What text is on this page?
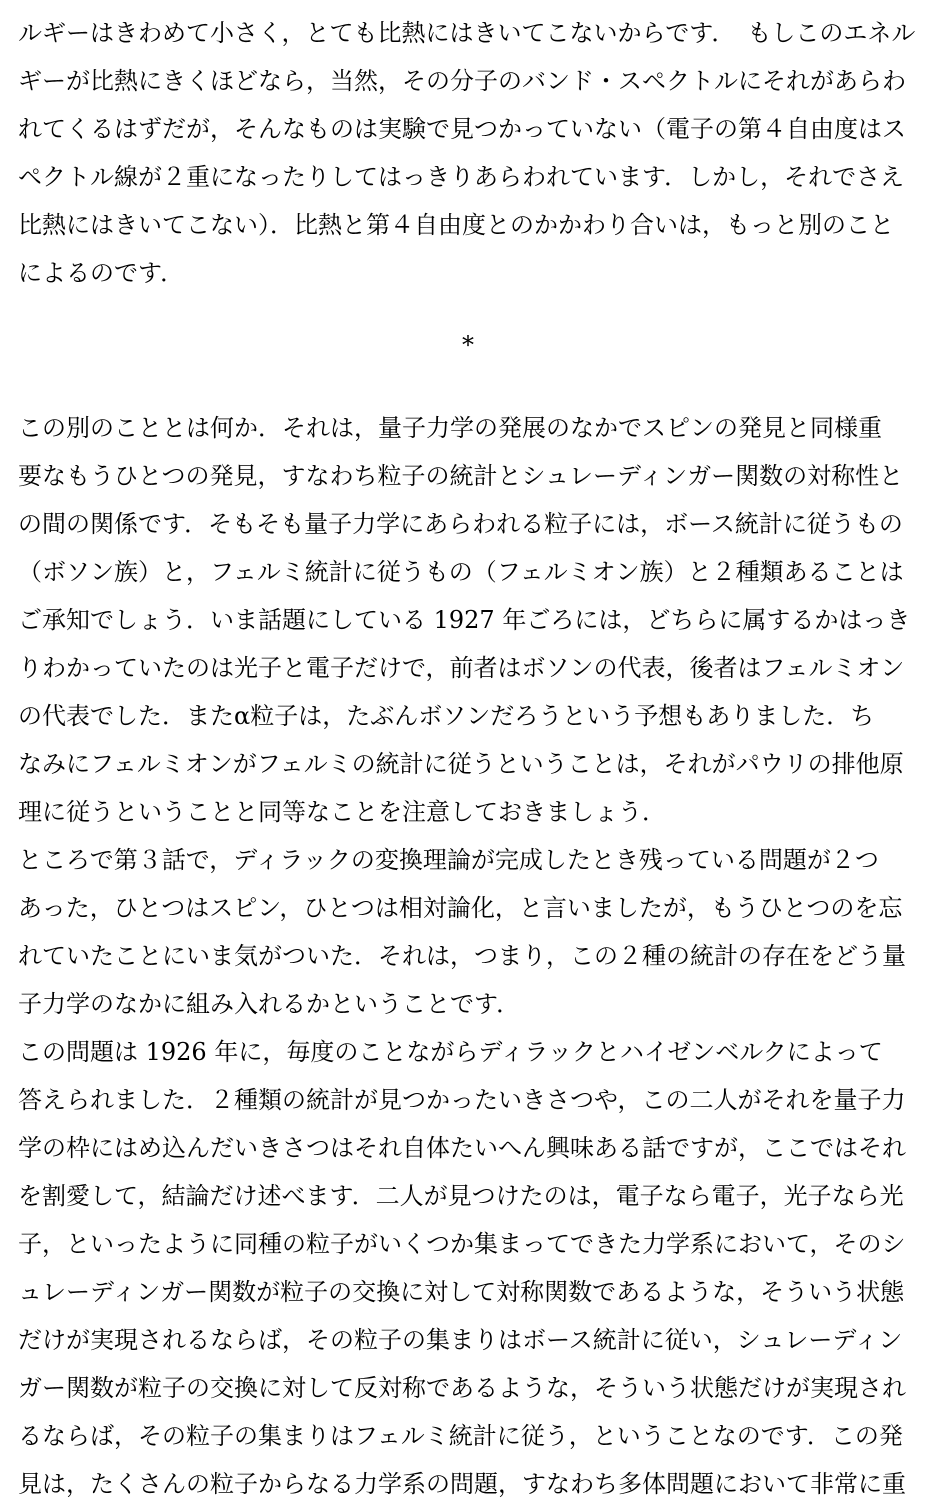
ルギーはきわめて小さく，とても比熱にはきいてこないからです．　もしこのエネル
ギーが比熱にきくほどなら，当然，その分子のバンド・スペクトルにそれがあらわ
れてくるはずだが，そんなものは実験で見つかっていない（電子の第４自由度はス
ペクトル線が２重になったりしてはっきりあらわれています．しかし，それでさえ
比熱にはきいてこない）．比熱と第４自由度とのかかわり合いは，もっと別のこと
によるのです．
*
この別のこととは何か．それは，量子力学の発展のなかでスピンの発見と同様重
要なもうひとつの発見，すなわち粒子の統計とシュレーディンガー関数の対称性と
の間の関係です．そもそも量子力学にあらわれる粒子には，ボース統計に従うもの
（ボソン族）と，フェルミ統計に従うもの（フェルミオン族）と２種類あることは
ご承知でしょう．いま話題にしている 1927 年ごろには，どちらに属するかはっき
りわかっていたのは光子と電子だけで，前者はボソンの代表，後者はフェルミオン
の代表でした．またα粒子は，たぶんボソンだろうという予想もありました．ち
なみにフェルミオンがフェルミの統計に従うということは，それがパウリの排他原
理に従うということと同等なことを注意しておきましょう．
ところで第３話で，ディラックの変換理論が完成したとき残っている問題が２つ
あった，ひとつはスピン，ひとつは相対論化，と言いましたが，もうひとつのを忘
れていたことにいま気がついた．それは，つまり，この２種の統計の存在をどう量
子力学のなかに組み入れるかということです．
この問題は 1926 年に，毎度のことながらディラックとハイゼンベルクによって
答えられました．２種類の統計が見つかったいきさつや，この二人がそれを量子力
学の枠にはめ込んだいきさつはそれ自体たいへん興味ある話ですが，ここではそれ
を割愛して，結論だけ述べます．二人が見つけたのは，電子なら電子，光子なら光
子，といったように同種の粒子がいくつか集まってできた力学系において，そのシ
ュレーディンガー関数が粒子の交換に対して対称関数であるような，そういう状態
だけが実現されるならば，その粒子の集まりはボース統計に従い，シュレーディン
ガー関数が粒子の交換に対して反対称であるような，そういう状態だけが実現され
るならば，その粒子の集まりはフェルミ統計に従う，ということなのです．この発
見は，たくさんの粒子からなる力学系の問題，すなわち多体問題において非常に重
